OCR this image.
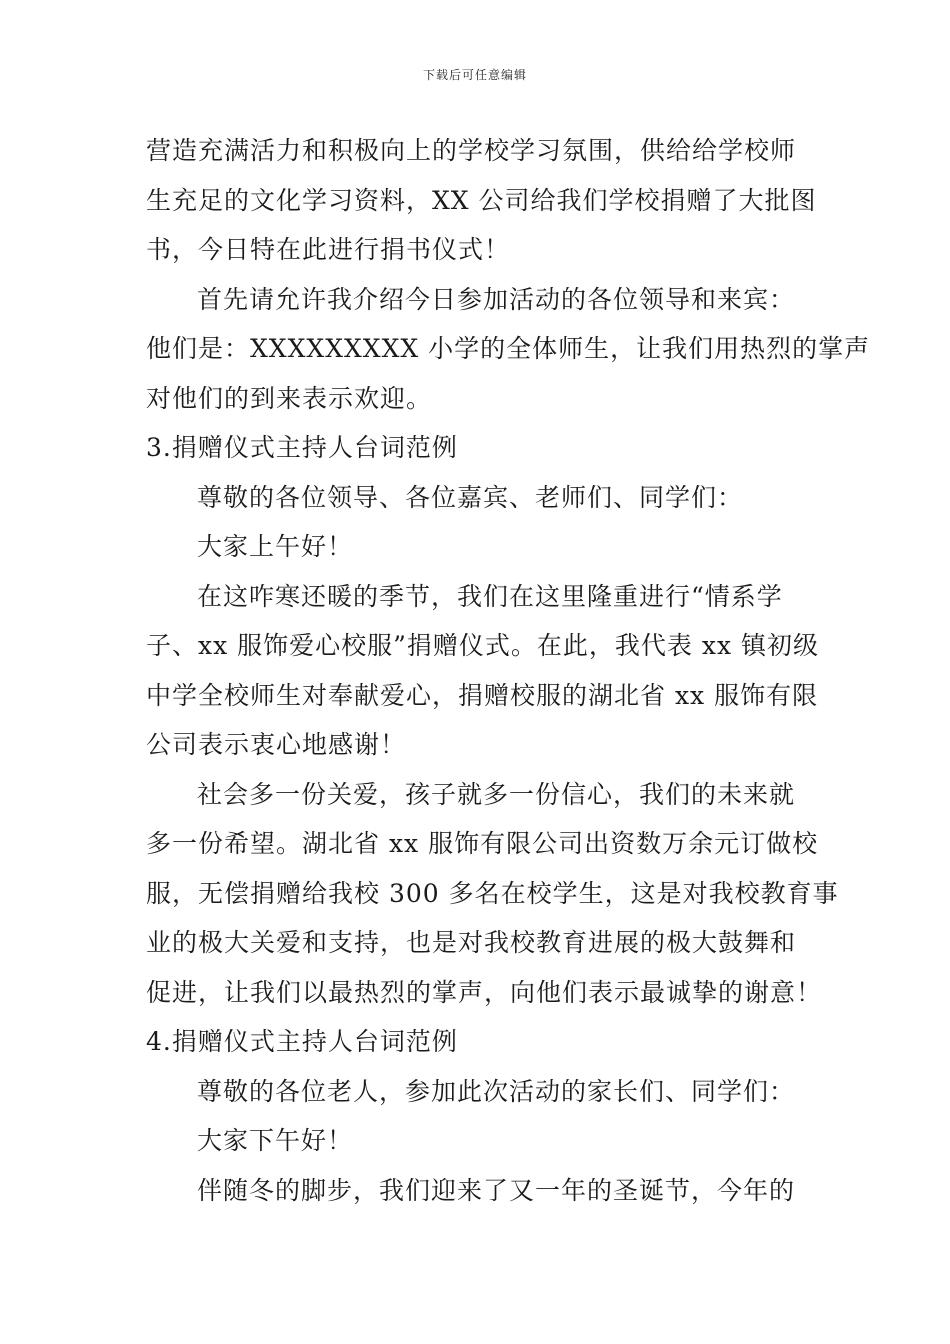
下载后可任意编辑
营造充满活力和积极向上的学校学习氛围，供给给学校师
生充足的文化学习资料，XX 公司给我们学校捐赠了大批图
书，今日特在此进行捐书仪式！
首先请允许我介绍今日参加活动的各位领导和来宾：
他们是：XXXXXXXXX 小学的全体师生，让我们用热烈的掌声
对他们的到来表示欢迎。
3.捐赠仪式主持人台词范例
尊敬的各位领导、各位嘉宾、老师们、同学们：
大家上午好！
在这咋寒还暖的季节，我们在这里隆重进行“情系学
子、xx 服饰爱心校服”捐赠仪式。在此，我代表 xx 镇初级
中学全校师生对奉献爱心，捐赠校服的湖北省 xx 服饰有限
公司表示衷心地感谢！
社会多一份关爱，孩子就多一份信心，我们的未来就
多一份希望。湖北省 xx 服饰有限公司出资数万余元订做校
服，无偿捐赠给我校 300 多名在校学生，这是对我校教育事
业的极大关爱和支持，也是对我校教育进展的极大鼓舞和
促进，让我们以最热烈的掌声，向他们表示最诚挚的谢意！
4.捐赠仪式主持人台词范例
尊敬的各位老人，参加此次活动的家长们、同学们：
大家下午好！
伴随冬的脚步，我们迎来了又一年的圣诞节，今年的
